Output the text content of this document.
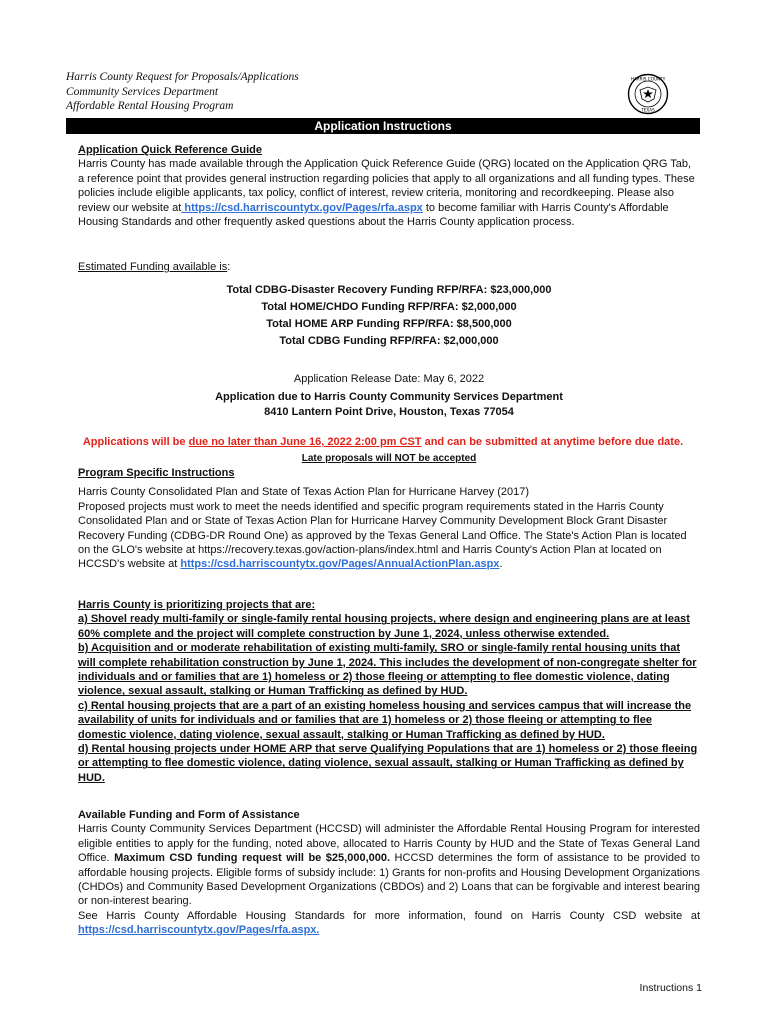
Harris County Request for Proposals/Applications
Community Services Department
Affordable Rental Housing Program
HARRIS COUNTY
TEXAS
Application Instructions
Application Quick Reference Guide
Harris County has made available through the Application Quick Reference Guide (QRG) located on the Application QRG Tab, a reference point that provides general instruction regarding policies that apply to all organizations and all funding types. These policies include eligible applicants, tax policy, conflict of interest, review criteria, monitoring and recordkeeping. Please also review our website at https://csd.harriscountytx.gov/Pages/rfa.aspx to become familiar with Harris County's Affordable Housing Standards and other frequently asked questions about the Harris County application process.
Estimated Funding available is:
Total CDBG-Disaster Recovery Funding RFP/RFA: $23,000,000
Total HOME/CHDO Funding RFP/RFA: $2,000,000
Total HOME ARP Funding RFP/RFA: $8,500,000
Total CDBG Funding RFP/RFA: $2,000,000
Application Release Date: May 6, 2022
Application due to Harris County Community Services Department
8410 Lantern Point Drive, Houston, Texas 77054
Applications will be due no later than June 16, 2022 2:00 pm CST and can be submitted at anytime before due date.
Late proposals will NOT be accepted
Program Specific Instructions
Harris County Consolidated Plan and State of Texas Action Plan for Hurricane Harvey (2017)
Proposed projects must work to meet the needs identified and specific program requirements stated in the Harris County Consolidated Plan and or State of Texas Action Plan for Hurricane Harvey Community Development Block Grant Disaster Recovery Funding (CDBG-DR Round One) as approved by the Texas General Land Office. The State's Action Plan is located on the GLO's website at https://recovery.texas.gov/action-plans/index.html and Harris County's Action Plan at located on HCCSD's website at https://csd.harriscountytx.gov/Pages/AnnualActionPlan.aspx.
Harris County is prioritizing projects that are:
a) Shovel ready multi-family or single-family rental housing projects, where design and engineering plans are at least 60% complete and the project will complete construction by June 1, 2024, unless otherwise extended.
b) Acquisition and or moderate rehabilitation of existing multi-family, SRO or single-family rental housing units that will complete rehabilitation construction by June 1, 2024. This includes the development of non-congregate shelter for individuals and or families that are 1) homeless or 2) those fleeing or attempting to flee domestic violence, dating violence, sexual assault, stalking or Human Trafficking as defined by HUD.
c) Rental housing projects that are a part of an existing homeless housing and services campus that will increase the availability of units for individuals and or families that are 1) homeless or 2) those fleeing or attempting to flee domestic violence, dating violence, sexual assault, stalking or Human Trafficking as defined by HUD.
d) Rental housing projects under HOME ARP that serve Qualifying Populations that are 1) homeless or 2) those fleeing or attempting to flee domestic violence, dating violence, sexual assault, stalking or Human Trafficking as defined by HUD.
Available Funding and Form of Assistance
Harris County Community Services Department (HCCSD) will administer the Affordable Rental Housing Program for interested eligible entities to apply for the funding, noted above, allocated to Harris County by HUD and the State of Texas General Land Office. Maximum CSD funding request will be $25,000,000. HCCSD determines the form of assistance to be provided to affordable housing projects. Eligible forms of subsidy include: 1) Grants for non-profits and Housing Development Organizations (CHDOs) and Community Based Development Organizations (CBDOs) and 2) Loans that can be forgivable and interest bearing or non-interest bearing.
See Harris County Affordable Housing Standards for more information, found on Harris County CSD website at https://csd.harriscountytx.gov/Pages/rfa.aspx.
Instructions 1
